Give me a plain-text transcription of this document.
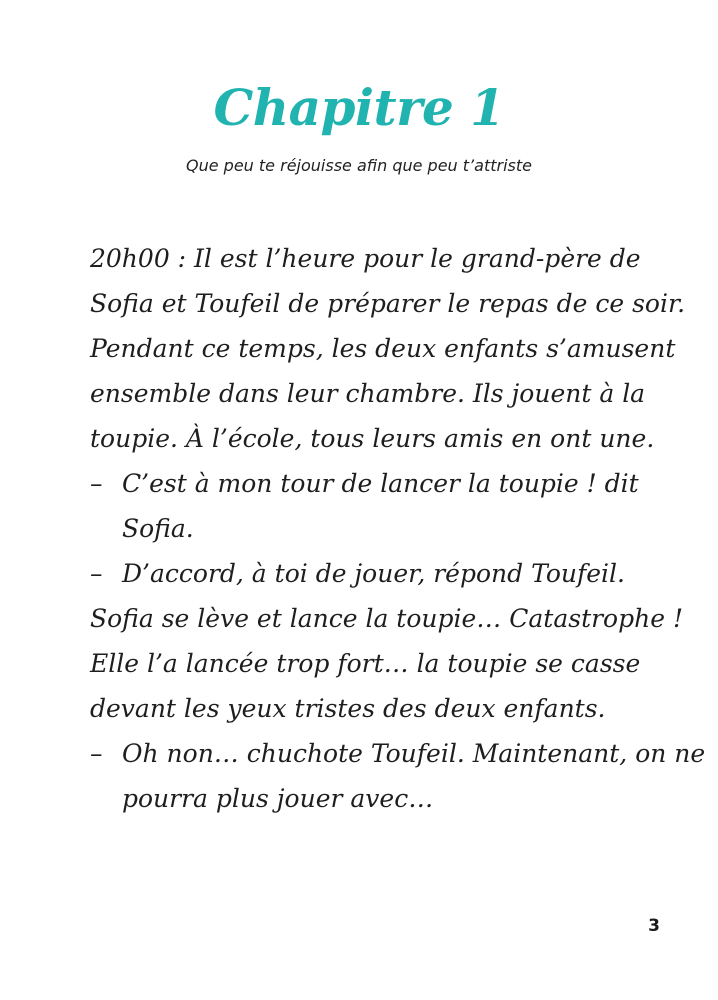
Chapitre 1
Que peu te réjouisse afin que peu t’attriste
20h00 : Il est l’heure pour le grand-père de
Sofia et Toufeil de préparer le repas de ce soir.
Pendant ce temps, les deux enfants s’amusent
ensemble dans leur chambre. Ils jouent à la
toupie. À l’école, tous leurs amis en ont une.
– C’est à mon tour de lancer la toupie ! dit
Sofia.
– D’accord, à toi de jouer, répond Toufeil.
Sofia se lève et lance la toupie… Catastrophe !
Elle l’a lancée trop fort… la toupie se casse
devant les yeux tristes des deux enfants.
– Oh non… chuchote Toufeil. Maintenant, on ne
pourra plus jouer avec…
3
